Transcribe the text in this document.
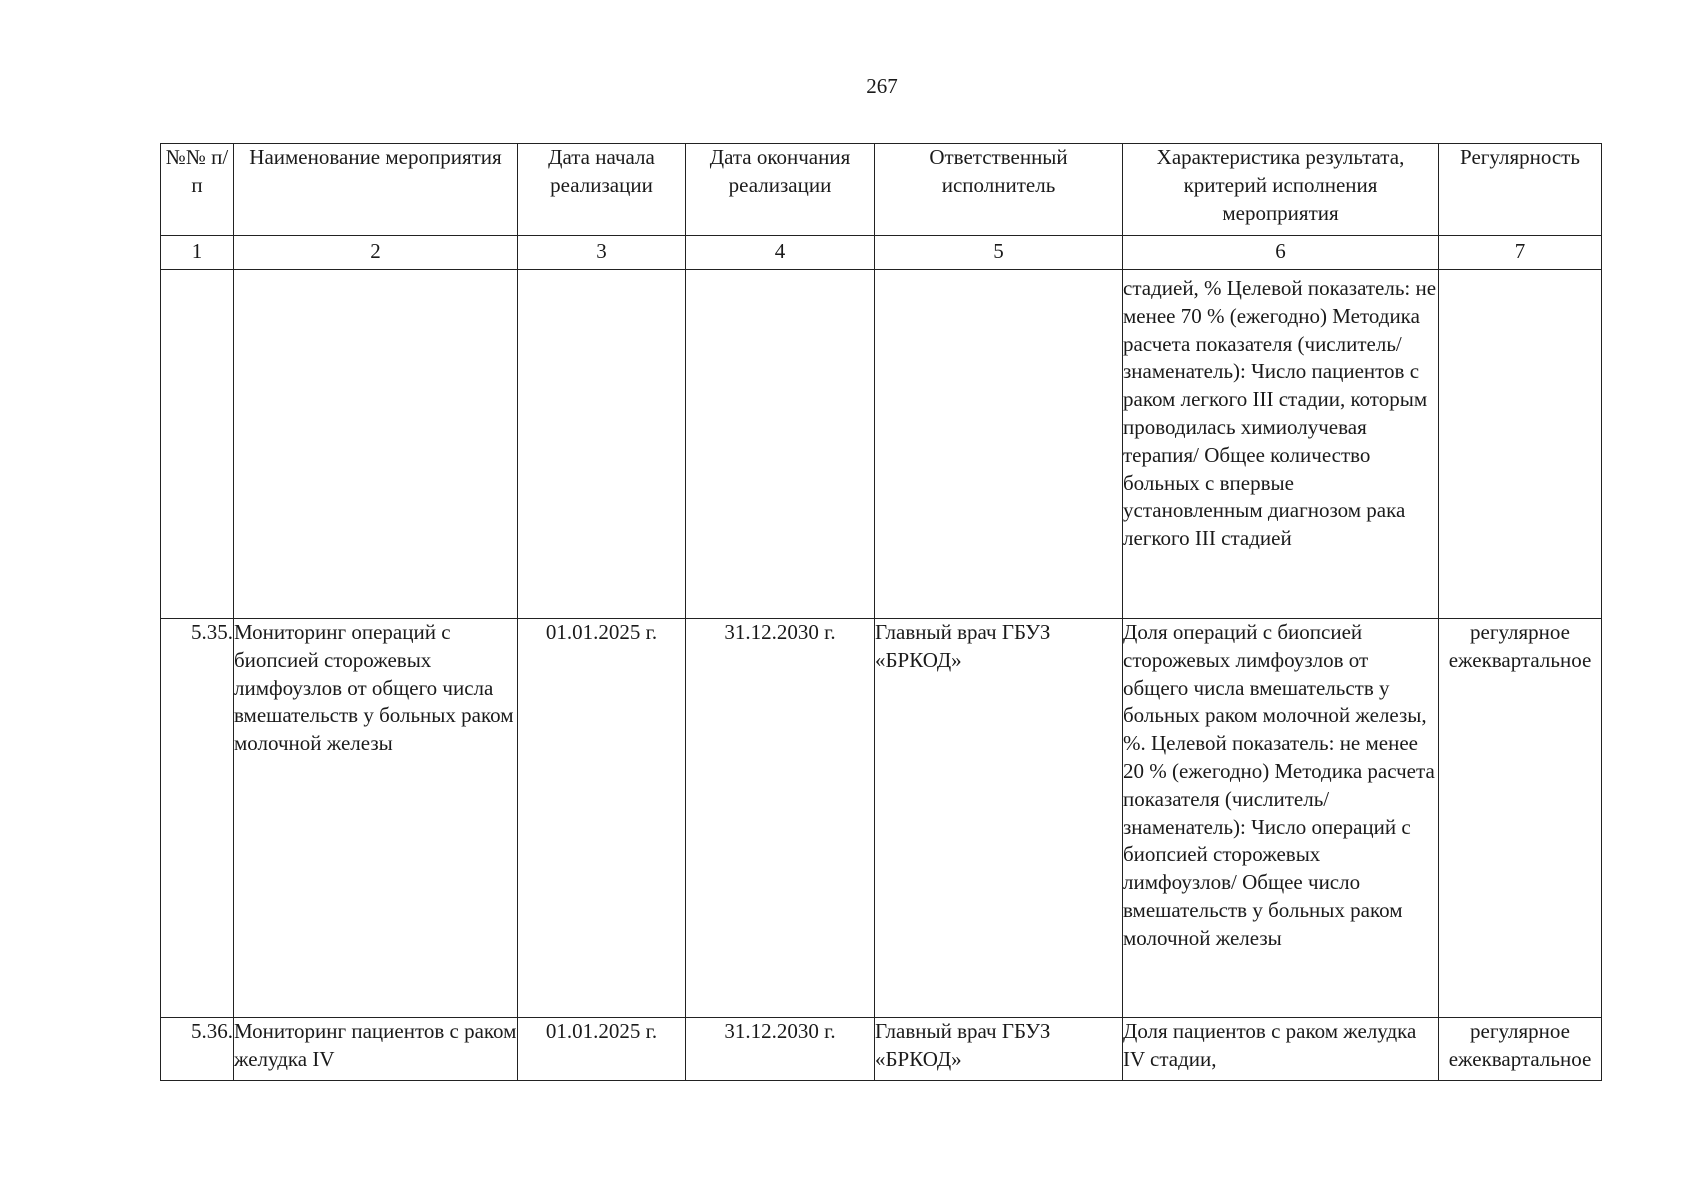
267
№№ п/п	Наименование мероприятия	Дата начала реализации	Дата окончания реализации	Ответственный исполнитель	Характеристика результата, критерий исполнения мероприятия	Регулярность
1	2	3	4	5	6	7
					стадией, % Целевой показатель: не менее 70 % (ежегодно) Методика расчета показателя (числитель/знаменатель): Число пациентов с раком легкого III стадии, которым проводилась химиолучевая терапия/ Общее количество больных с впервые установленным диагнозом рака легкого III стадией	
5.35.	Мониторинг операций с биопсией сторожевых лимфоузлов от общего числа вмешательств у больных раком молочной железы	01.01.2025 г.	31.12.2030 г.	Главный врач ГБУЗ «БРКОД»	Доля операций с биопсией сторожевых лимфоузлов от общего числа вмешательств у больных раком молочной железы, %. Целевой показатель: не менее 20 % (ежегодно) Методика расчета показателя (числитель/знаменатель): Число операций с биопсией сторожевых лимфоузлов/ Общее число вмешательств у больных раком молочной железы	регулярное ежеквартальное
5.36.	Мониторинг пациентов с раком желудка IV	01.01.2025 г.	31.12.2030 г.	Главный врач ГБУЗ «БРКОД»	Доля пациентов с раком желудка IV стадии,	регулярное ежеквартальное
